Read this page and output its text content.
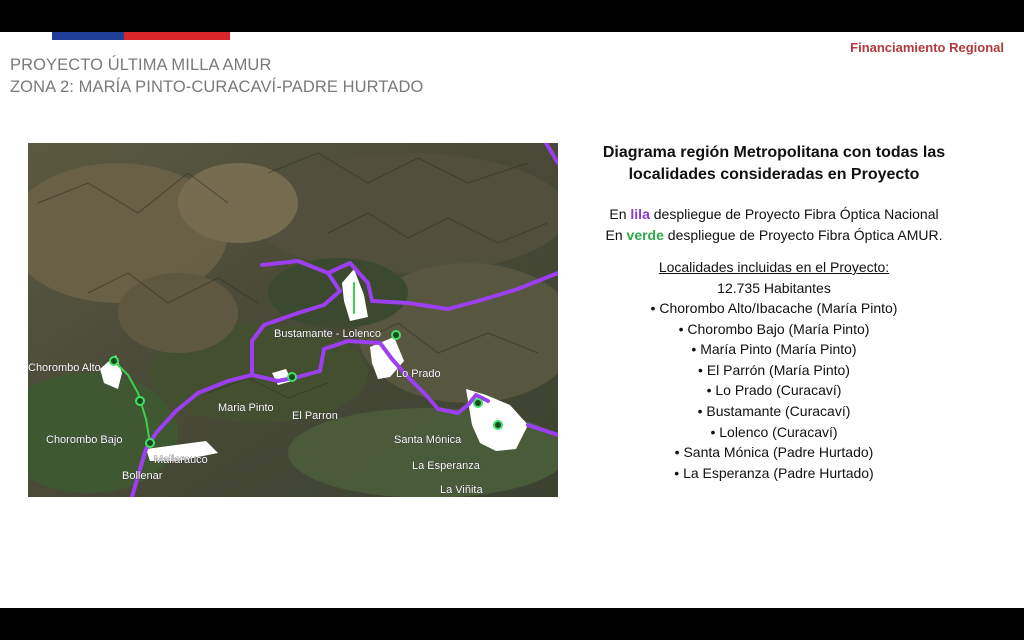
PROYECTO ÚLTIMA MILLA AMUR
ZONA 2: MARÍA PINTO-CURACAVÍ-PADRE HURTADO
Financiamiento Regional
Chorombo Alto
Chorombo Bajo
Mallarauco
Bollenar
Maria Pinto
El Parron
Bustamante - Lolenco
Lo Prado
Santa Mónica
La Esperanza
La Viñita

Diagrama región Metropolitana con todas las localidades consideradas en Proyecto

En lila despliegue de Proyecto Fibra Óptica Nacional
En verde despliegue de Proyecto Fibra Óptica AMUR.
Localidades incluidas en el Proyecto:
12.735 Habitantes
• Chorombo Alto/Ibacache (María Pinto)
• Chorombo Bajo (María Pinto)
• María Pinto (María Pinto)
• El Parrón (María Pinto)
• Lo Prado (Curacaví)
• Bustamante (Curacaví)
• Lolenco (Curacaví)
• Santa Mónica (Padre Hurtado)
• La Esperanza (Padre Hurtado)
